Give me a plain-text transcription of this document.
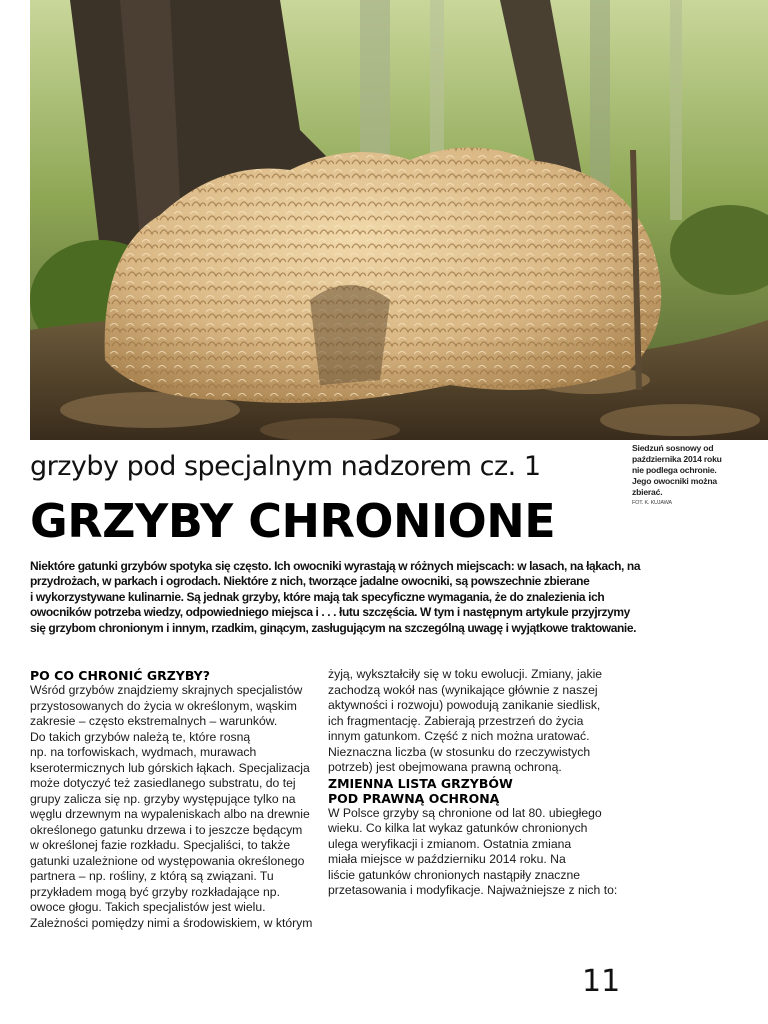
Siedzuń sosnowy od
października 2014 roku
nie podlega ochronie.
Jego owocniki można
zbierać.
FOT. K. KUJAWA
grzyby pod specjalnym nadzorem cz. 1
GRZYBY CHRONIONE
Niektóre gatunki grzybów spotyka się często. Ich owocniki wyrastają w różnych miejscach: w lasach, na łąkach, na
przydrożach, w parkach i ogrodach. Niektóre z nich, tworzące jadalne owocniki, są powszechnie zbierane
i wykorzystywane kulinarnie. Są jednak grzyby, które mają tak specyficzne wymagania, że do znalezienia ich
owocników potrzeba wiedzy, odpowiedniego miejsca i . . . łutu szczęścia. W tym i następnym artykule przyjrzymy
się grzybom chronionym i innym, rzadkim, ginącym, zasługującym na szczególną uwagę i wyjątkowe traktowanie.
PO CO CHRONIĆ GRZYBY?
Wśród grzybów znajdziemy skrajnych specjalistów
przystosowanych do życia w określonym, wąskim
zakresie – często ekstremalnych – warunków.
Do takich grzybów należą te, które rosną
np. na torfowiskach, wydmach, murawach
kserotermicznych lub górskich łąkach. Specjalizacja
może dotyczyć też zasiedlanego substratu, do tej
grupy zalicza się np. grzyby występujące tylko na
węglu drzewnym na wypaleniskach albo na drewnie
określonego gatunku drzewa i to jeszcze będącym
w określonej fazie rozkładu. Specjaliści, to także
gatunki uzależnione od występowania określonego
partnera – np. rośliny, z którą są związani. Tu
przykładem mogą być grzyby rozkładające np.
owoce głogu. Takich specjalistów jest wielu.
Zależności pomiędzy nimi a środowiskiem, w którym
żyją, wykształciły się w toku ewolucji. Zmiany, jakie
zachodzą wokół nas (wynikające głównie z naszej
aktywności i rozwoju) powodują zanikanie siedlisk,
ich fragmentację. Zabierają przestrzeń do życia
innym gatunkom. Część z nich można uratować.
Nieznaczna liczba (w stosunku do rzeczywistych
potrzeb) jest obejmowana prawną ochroną.
ZMIENNA LISTA GRZYBÓW
POD PRAWNĄ OCHRONĄ
W Polsce grzyby są chronione od lat 80. ubiegłego
wieku. Co kilka lat wykaz gatunków chronionych
ulega weryfikacji i zmianom. Ostatnia zmiana
miała miejsce w październiku 2014 roku. Na
liście gatunków chronionych nastąpiły znaczne
przetasowania i modyfikacje. Najważniejsze z nich to:
11
